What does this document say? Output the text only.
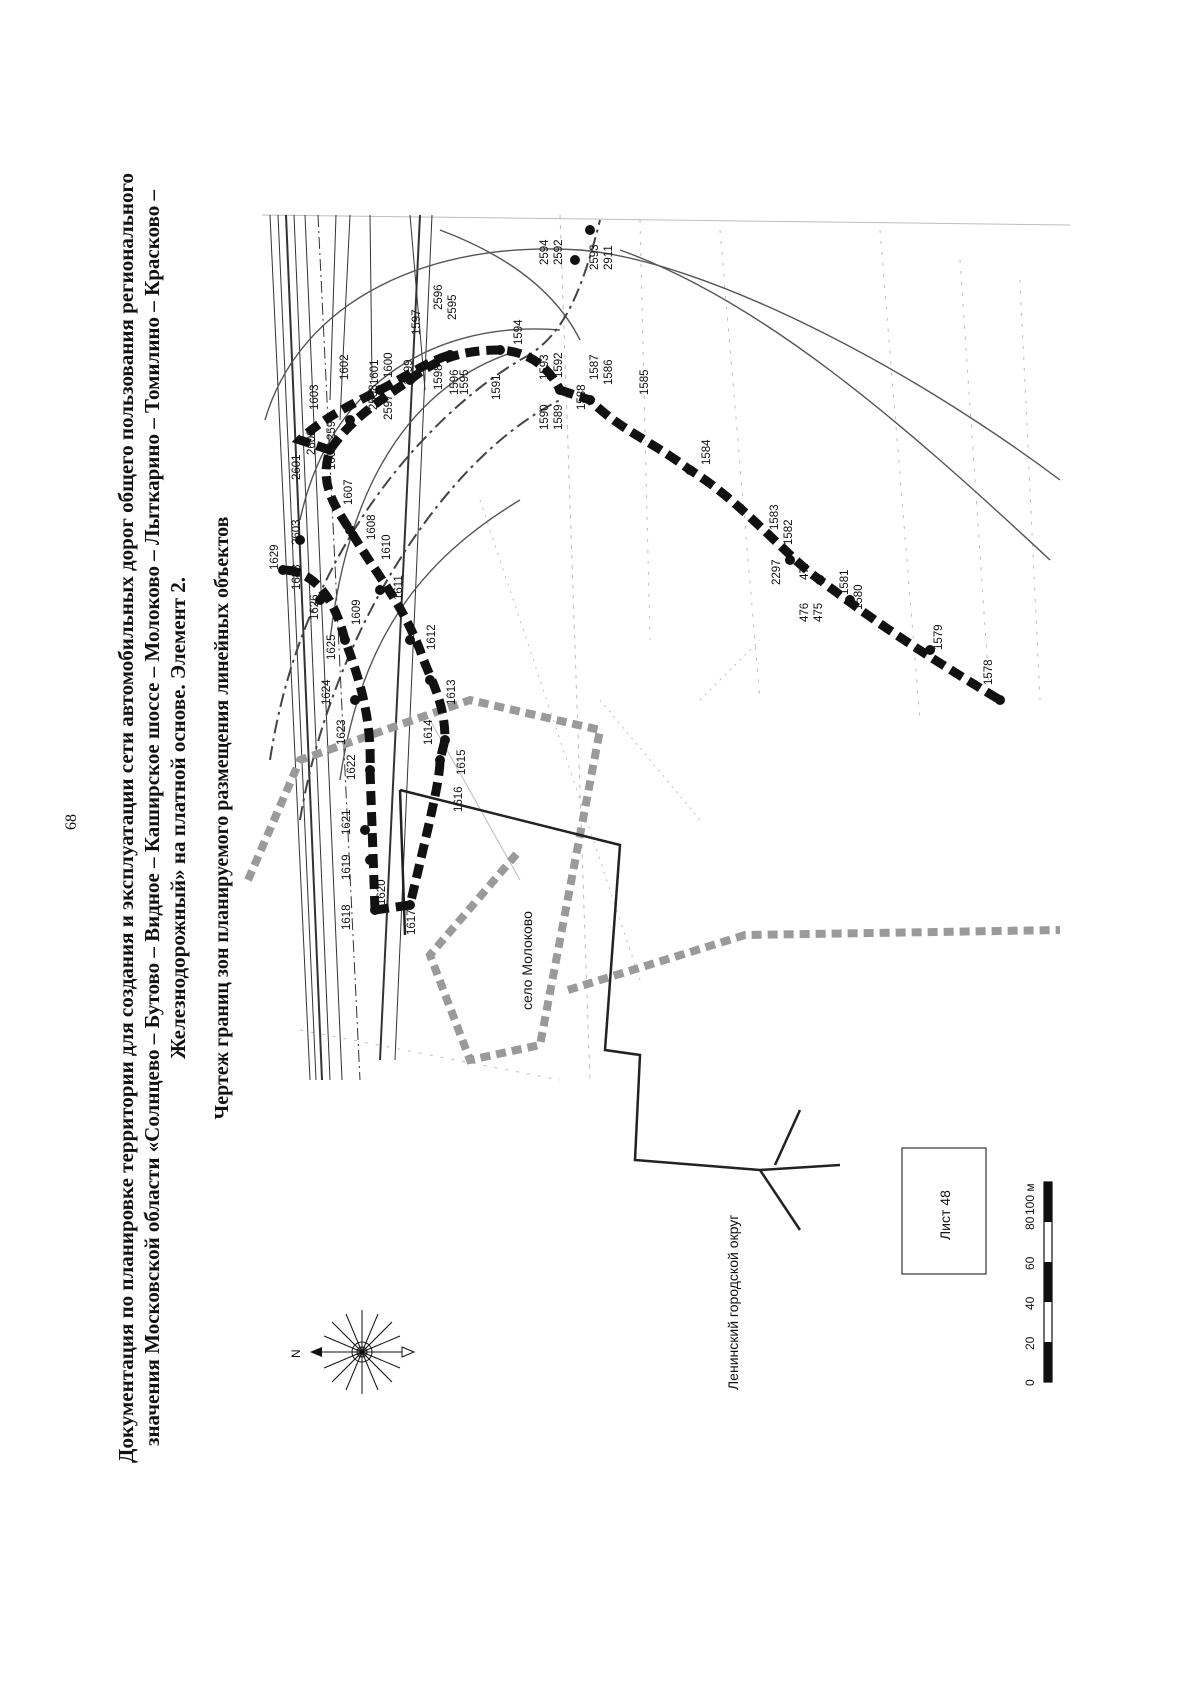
68 Документация по планировке территории для создания и эксплуатации сети автомобильных дорог общего пользования регионального значения Московской области «Солнцево – Бутово – Видное – Каширское шоссе – Молоково – Лыткарино – Томилино – Красково – Железнодорожный» на платной основе. Элемент 2. Чертеж границ зон планируемого размещения линейных объектов	1617
1618
1619
1620
1621
1622
1623
1624
1625
1626
1628
1629
2603
2601
2600
1603
1602 1601 1600
1597
2596 2595
1594
1593 1592
1616
1615
1614
1613
1612
1611
1610
1609
1608
1607
1606
2599
2598 2597
1599 1598 1596
1595 1591
1590 1589
1588
1587 1586 1585
1584
1583
1582
2297 477
476 475
1581
1580
1579
1578
2594 2592 2593 2911
село Молоково
Ленинский городской округ	Лист 48
N
0
20
40
60
80
100 м
